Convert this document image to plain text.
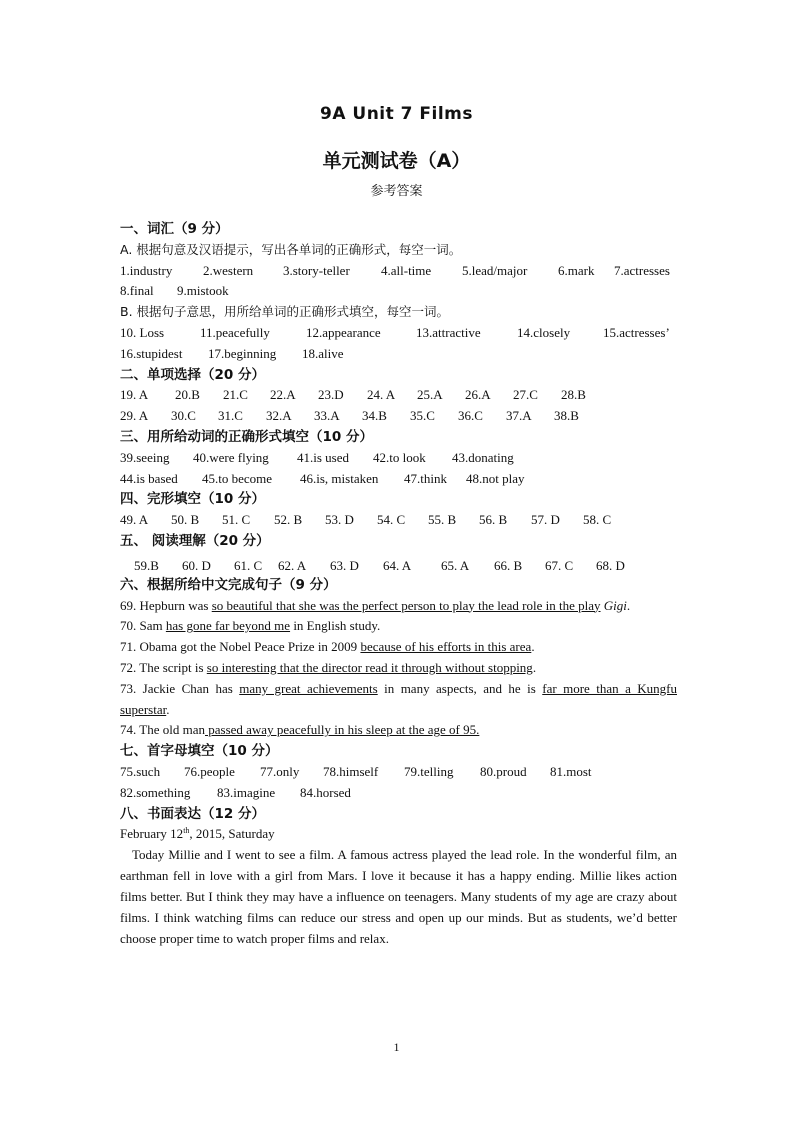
9A Unit 7 Films
单元测试卷（A）
参考答案
一、词汇（9 分）
A. 根据句意及汉语提示，写出各单词的正确形式，每空一词。
1.industry 2.western 3.story-teller 4.all-time 5.lead/major 6.mark 7.actresses
8.final 9.mistook
B. 根据句子意思，用所给单词的正确形式填空，每空一词。
10. Loss	11.peacefully	12.appearance	13.attractive	14.closely	15.actresses’
16.stupidest 17.beginning 18.alive
二、单项选择（20 分）
19. A 20.B 21.C 22.A 23.D 24. A 25.A 26.A 27.C 28.B
29. A 30.C 31.C 32.A 33.A 34.B 35.C 36.C 37.A 38.B
三、用所给动词的正确形式填空（10 分）
39.seeing 40.were flying 41.is used 42.to look 43.donating
44.is based 45.to become 46.is, mistaken 47.think 48.not play
四、完形填空（10 分）
49. A 50. B 51. C 52. B 53. D 54. C 55. B 56. B 57. D 58. C
五、 阅读理解（20 分）
59.B 60. D 61. C 62. A 63. D 64. A 65. A 66. B 67. C 68. D
六、根据所给中文完成句子（9 分）
69. Hepburn was so beautiful that she was the perfect person to play the lead role in the play Gigi.
70. Sam has gone far beyond me in English study.
71. Obama got the Nobel Peace Prize in 2009 because of his efforts in this area.
72. The script is so interesting that the director read it through without stopping.
73. Jackie Chan has many great achievements in many aspects, and he is far more than a Kungfu
superstar.
74. The old man passed away peacefully in his sleep at the age of 95.
七、首字母填空（10 分）
75.such 76.people 77.only 78.himself 79.telling 80.proud 81.most
82.something 83.imagine 84.horsed
八、书面表达（12 分）
February 12th, 2015, Saturday

Today Millie and I went to see a film. A famous actress played the lead role. In the wonderful film, an earthman fell in love with a girl from Mars. I love it because it has a happy ending. Millie likes action films better. But I think they may have a influence on teenagers. Many students of my age are crazy about films. I think watching films can reduce our stress and open up our minds. But as students, we’d better choose proper time to watch proper films and relax.

1
